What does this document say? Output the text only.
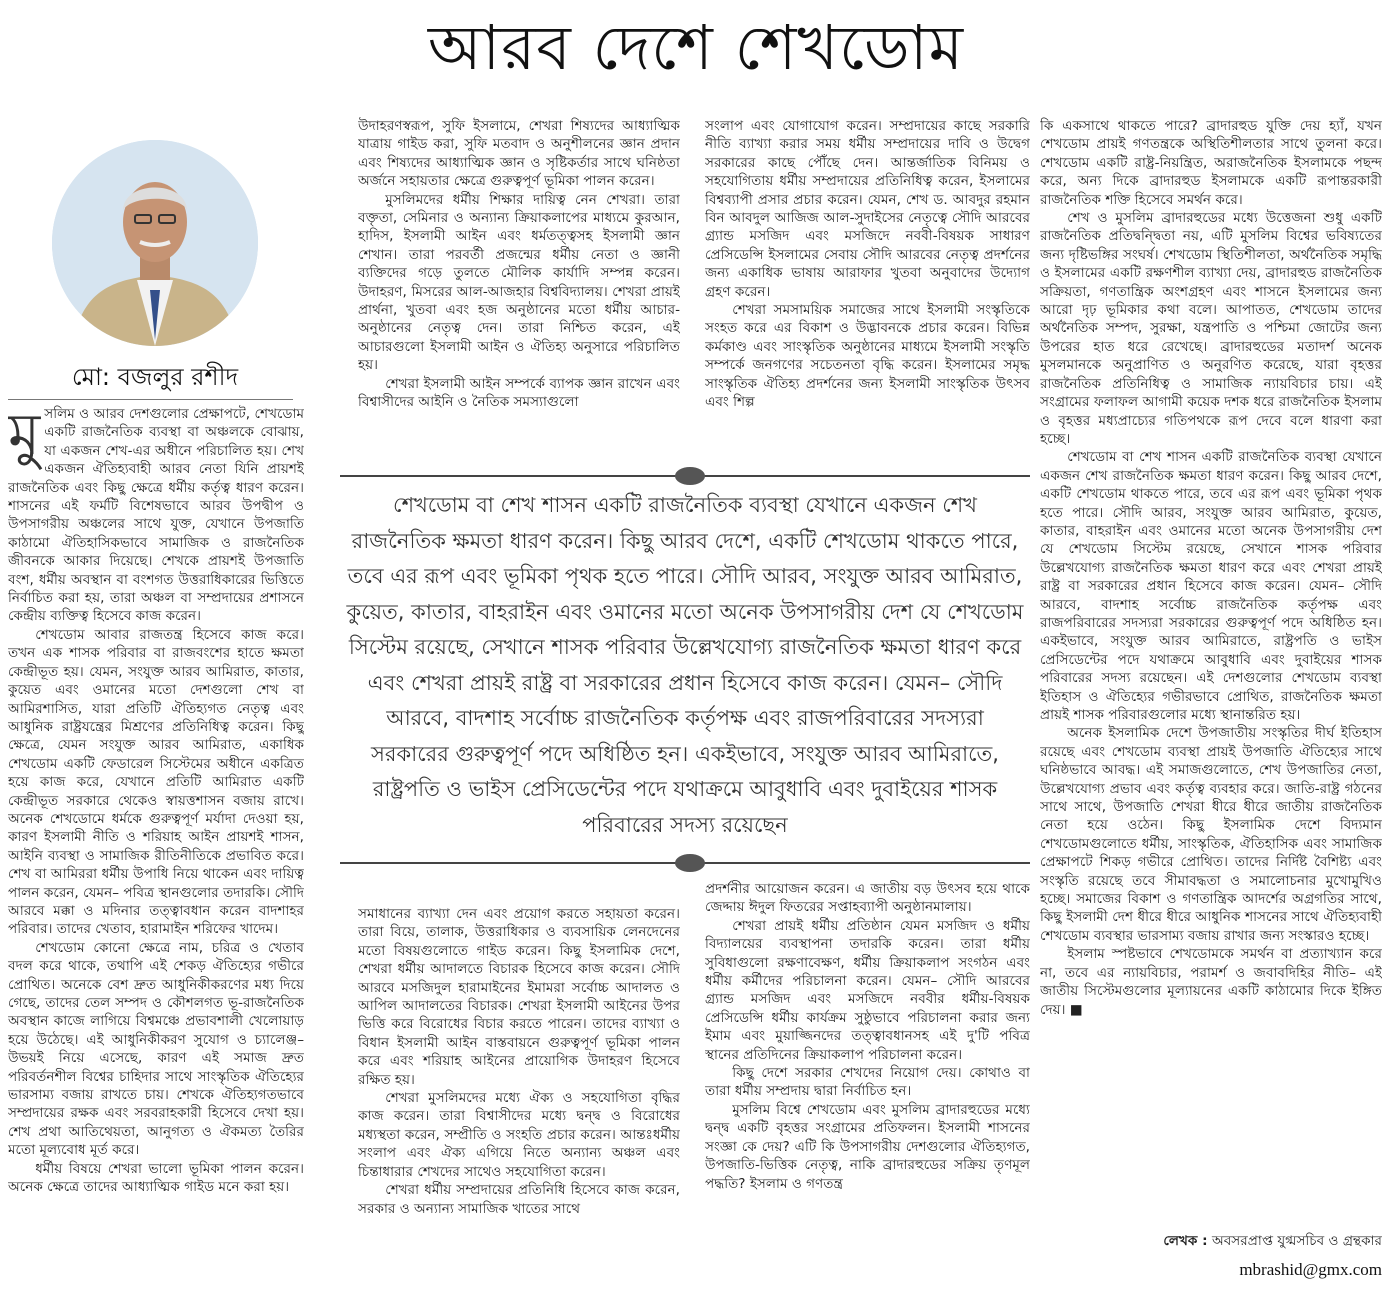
আরব দেশে শেখডোম
মো: বজলুর রশীদ
মু সলিম ও আরব দেশগুলোর প্রেক্ষাপটে, শেখডোম একটি রাজনৈতিক ব্যবস্থা বা অঞ্চলকে বোঝায়, যা একজন শেখ-এর অধীনে পরিচালিত হয়। শেখ একজন ঐতিহ্যবাহী আরব নেতা যিনি প্রায়শই রাজনৈতিক এবং কিছু ক্ষেত্রে ধর্মীয় কর্তৃত্ব ধারণ করেন। শাসনের এই ফর্মটি বিশেষভাবে আরব উপদ্বীপ ও উপসাগরীয় অঞ্চলের সাথে যুক্ত, যেখানে উপজাতি কাঠামো ঐতিহাসিকভাবে সামাজিক ও রাজনৈতিক জীবনকে আকার দিয়েছে। শেখকে প্রায়শই উপজাতি বংশ, ধর্মীয় অবস্থান বা বংশগত উত্তরাধিকারের ভিত্তিতে নির্বাচিত করা হয়, তারা অঞ্চল বা সম্প্রদায়ের প্রশাসনে কেন্দ্রীয় ব্যক্তিত্ব হিসেবে কাজ করেন।

শেখডোম আবার রাজতন্ত্র হিসেবে কাজ করে। তখন এক শাসক পরিবার বা রাজবংশের হাতে ক্ষমতা কেন্দ্রীভূত হয়। যেমন, সংযুক্ত আরব আমিরাত, কাতার, কুয়েত এবং ওমানের মতো দেশগুলো শেখ বা আমিরশাসিত, যারা প্রতিটি ঐতিহ্যগত নেতৃত্ব এবং আধুনিক রাষ্ট্রযন্ত্রের মিশ্রণের প্রতিনিধিত্ব করেন। কিছু ক্ষেত্রে, যেমন সংযুক্ত আরব আমিরাত, একাধিক শেখডোম একটি ফেডারেল সিস্টেমের অধীনে একত্রিত হয়ে কাজ করে, যেখানে প্রতিটি আমিরাত একটি কেন্দ্রীভূত সরকারে থেকেও স্বায়ত্তশাসন বজায় রাখে। অনেক শেখডোমে ধর্মকে গুরুত্বপূর্ণ মর্যাদা দেওয়া হয়, কারণ ইসলামী নীতি ও শরিয়াহ আইন প্রায়শই শাসন, আইনি ব্যবস্থা ও সামাজিক রীতিনীতিকে প্রভাবিত করে। শেখ বা আমিররা ধর্মীয় উপাধি নিয়ে থাকেন এবং দায়িত্ব পালন করেন, যেমন– পবিত্র স্থানগুলোর তদারকি। সৌদি আরবে মক্কা ও মদিনার তত্ত্বাবধান করেন বাদশাহর পরিবার। তাদের খেতাব, হারামাইন শরিফের খাদেম।

শেখডোম কোনো ক্ষেত্রে নাম, চরিত্র ও খেতাব বদল করে থাকে, তথাপি এই শেকড় ঐতিহ্যের গভীরে প্রোথিত। অনেকে বেশ দ্রুত আধুনিকীকরণের মধ্য দিয়ে গেছে, তাদের তেল সম্পদ ও কৌশলগত ভূ-রাজনৈতিক অবস্থান কাজে লাগিয়ে বিশ্বমঞ্চে প্রভাবশালী খেলোয়াড় হয়ে উঠেছে। এই আধুনিকীকরণ সুযোগ ও চ্যালেঞ্জ– উভয়ই নিয়ে এসেছে, কারণ এই সমাজ দ্রুত পরিবর্তনশীল বিশ্বের চাহিদার সাথে সাংস্কৃতিক ঐতিহ্যের ভারসাম্য বজায় রাখতে চায়। শেখকে ঐতিহ্যগতভাবে সম্প্রদায়ের রক্ষক এবং সরবরাহকারী হিসেবে দেখা হয়। শেখ প্রথা আতিথেয়তা, আনুগত্য ও ঐকমত্য তৈরির মতো মূল্যবোধ মূর্ত করে।

ধর্মীয় বিষয়ে শেখরা ভালো ভূমিকা পালন করেন। অনেক ক্ষেত্রে তাদের আধ্যাত্মিক গাইড মনে করা হয়।

উদাহরণস্বরূপ, সুফি ইসলামে, শেখরা শিষ্যদের আধ্যাত্মিক যাত্রায় গাইড করা, সুফি মতবাদ ও অনুশীলনের জ্ঞান প্রদান এবং শিষ্যদের আধ্যাত্মিক জ্ঞান ও সৃষ্টিকর্তার সাথে ঘনিষ্ঠতা অর্জনে সহায়তার ক্ষেত্রে গুরুত্বপূর্ণ ভূমিকা পালন করেন।

মুসলিমদের ধর্মীয় শিক্ষার দায়িত্ব নেন শেখরা। তারা বক্তৃতা, সেমিনার ও অন্যান্য ক্রিয়াকলাপের মাধ্যমে কুরআন, হাদিস, ইসলামী আইন এবং ধর্মতত্ত্বসহ ইসলামী জ্ঞান শেখান। তারা পরবর্তী প্রজন্মের ধর্মীয় নেতা ও জ্ঞানী ব্যক্তিদের গড়ে তুলতে মৌলিক কার্যাদি সম্পন্ন করেন। উদাহরণ, মিসরের আল-আজহার বিশ্ববিদ্যালয়। শেখরা প্রায়ই প্রার্থনা, খুতবা এবং হজ অনুষ্ঠানের মতো ধর্মীয় আচার-অনুষ্ঠানের নেতৃত্ব দেন। তারা নিশ্চিত করেন, এই আচারগুলো ইসলামী আইন ও ঐতিহ্য অনুসারে পরিচালিত হয়।

শেখরা ইসলামী আইন সম্পর্কে ব্যাপক জ্ঞান রাখেন এবং বিশ্বাসীদের আইনি ও নৈতিক সমস্যাগুলো

সংলাপ এবং যোগাযোগ করেন। সম্প্রদায়ের কাছে সরকারি নীতি ব্যাখ্যা করার সময় ধর্মীয় সম্প্রদায়ের দাবি ও উদ্বেগ সরকারের কাছে পৌঁছে দেন। আন্তর্জাতিক বিনিময় ও সহযোগিতায় ধর্মীয় সম্প্রদায়ের প্রতিনিধিত্ব করেন, ইসলামের বিশ্বব্যাপী প্রসার প্রচার করেন। যেমন, শেখ ড. আবদুর রহমান বিন আবদুল আজিজ আল-সুদাইসের নেতৃত্বে সৌদি আরবের গ্র্যান্ড মসজিদ এবং মসজিদে নববী-বিষয়ক সাধারণ প্রেসিডেন্সি ইসলামের সেবায় সৌদি আরবের নেতৃত্ব প্রদর্শনের জন্য একাধিক ভাষায় আরাফার খুতবা অনুবাদের উদ্যোগ গ্রহণ করেন।

শেখরা সমসাময়িক সমাজের সাথে ইসলামী সংস্কৃতিকে সংহত করে এর বিকাশ ও উদ্ভাবনকে প্রচার করেন। বিভিন্ন কর্মকাণ্ড এবং সাংস্কৃতিক অনুষ্ঠানের মাধ্যমে ইসলামী সংস্কৃতি সম্পর্কে জনগণের সচেতনতা বৃদ্ধি করেন। ইসলামের সমৃদ্ধ সাংস্কৃতিক ঐতিহ্য প্রদর্শনের জন্য ইসলামী সাংস্কৃতিক উৎসব এবং শিল্প

শেখডোম বা শেখ শাসন একটি রাজনৈতিক ব্যবস্থা যেখানে একজন শেখ রাজনৈতিক ক্ষমতা ধারণ করেন। কিছু আরব দেশে, একটি শেখডোম থাকতে পারে, তবে এর রূপ এবং ভূমিকা পৃথক হতে পারে। সৌদি আরব, সংযুক্ত আরব আমিরাত, কুয়েত, কাতার, বাহরাইন এবং ওমানের মতো অনেক উপসাগরীয় দেশ যে শেখডোম সিস্টেম রয়েছে, সেখানে শাসক পরিবার উল্লেখযোগ্য রাজনৈতিক ক্ষমতা ধারণ করে এবং শেখরা প্রায়ই রাষ্ট্র বা সরকারের প্রধান হিসেবে কাজ করেন। যেমন– সৌদি আরবে, বাদশাহ সর্বোচ্চ রাজনৈতিক কর্তৃপক্ষ এবং রাজপরিবারের সদস্যরা সরকারের গুরুত্বপূর্ণ পদে অধিষ্ঠিত হন। একইভাবে, সংযুক্ত আরব আমিরাতে, রাষ্ট্রপতি ও ভাইস প্রেসিডেন্টের পদে যথাক্রমে আবুধাবি এবং দুবাইয়ের শাসক পরিবারের সদস্য রয়েছেন

সমাধানের ব্যাখ্যা দেন এবং প্রয়োগ করতে সহায়তা করেন। তারা বিয়ে, তালাক, উত্তরাধিকার ও ব্যবসায়িক লেনদেনের মতো বিষয়গুলোতে গাইড করেন। কিছু ইসলামিক দেশে, শেখরা ধর্মীয় আদালতে বিচারক হিসেবে কাজ করেন। সৌদি আরবে মসজিদুল হারামাইনের ইমামরা সর্বোচ্চ আদালত ও আপিল আদালতের বিচারক। শেখরা ইসলামী আইনের উপর ভিত্তি করে বিরোধের বিচার করতে পারেন। তাদের ব্যাখ্যা ও বিধান ইসলামী আইন বাস্তবায়নে গুরুত্বপূর্ণ ভূমিকা পালন করে এবং শরিয়াহ আইনের প্রায়োগিক উদাহরণ হিসেবে রক্ষিত হয়।

শেখরা মুসলিমদের মধ্যে ঐক্য ও সহযোগিতা বৃদ্ধির কাজ করেন। তারা বিশ্বাসীদের মধ্যে দ্বন্দ্ব ও বিরোধের মধ্যস্থতা করেন, সম্প্রীতি ও সংহতি প্রচার করেন। আন্তঃধর্মীয় সংলাপ এবং ঐক্য এগিয়ে নিতে অন্যান্য অঞ্চল এবং চিন্তাধারার শেখদের সাথেও সহযোগিতা করেন।

শেখরা ধর্মীয় সম্প্রদায়ের প্রতিনিধি হিসেবে কাজ করেন, সরকার ও অন্যান্য সামাজিক খাতের সাথে

প্রদর্শনীর আয়োজন করেন। এ জাতীয় বড় উৎসব হয়ে থাকে জেদ্দায় ঈদুল ফিতরের সপ্তাহব্যাপী অনুষ্ঠানমালায়।

শেখরা প্রায়ই ধর্মীয় প্রতিষ্ঠান যেমন মসজিদ ও ধর্মীয় বিদ্যালয়ের ব্যবস্থাপনা তদারকি করেন। তারা ধর্মীয় সুবিধাগুলো রক্ষণাবেক্ষণ, ধর্মীয় ক্রিয়াকলাপ সংগঠন এবং ধর্মীয় কর্মীদের পরিচালনা করেন। যেমন– সৌদি আরবের গ্র্যান্ড মসজিদ এবং মসজিদে নববীর ধর্মীয়-বিষয়ক প্রেসিডেন্সি ধর্মীয় কার্যক্রম সুষ্ঠুভাবে পরিচালনা করার জন্য ইমাম এবং মুয়াজ্জিনদের তত্ত্বাবধানসহ এই দু'টি পবিত্র স্থানের প্রতিদিনের ক্রিয়াকলাপ পরিচালনা করেন।

কিছু দেশে সরকার শেখদের নিয়োগ দেয়। কোথাও বা তারা ধর্মীয় সম্প্রদায় দ্বারা নির্বাচিত হন।

মুসলিম বিশ্বে শেখডোম এবং মুসলিম ব্রাদারহুডের মধ্যে দ্বন্দ্ব একটি বৃহত্তর সংগ্রামের প্রতিফলন। ইসলামী শাসনের সংজ্ঞা কে দেয়? এটি কি উপসাগরীয় দেশগুলোর ঐতিহ্যগত, উপজাতি-ভিত্তিক নেতৃত্ব, নাকি ব্রাদারহুডের সক্রিয় তৃণমূল পদ্ধতি? ইসলাম ও গণতন্ত্র

কি একসাথে থাকতে পারে? ব্রাদারহুড যুক্তি দেয় হ্যাঁ, যখন শেখডোম প্রায়ই গণতন্ত্রকে অস্থিতিশীলতার সাথে তুলনা করে। শেখডোম একটি রাষ্ট্র-নিয়ন্ত্রিত, অরাজনৈতিক ইসলামকে পছন্দ করে, অন্য দিকে ব্রাদারহুড ইসলামকে একটি রূপান্তরকারী রাজনৈতিক শক্তি হিসেবে সমর্থন করে।

শেখ ও মুসলিম ব্রাদারহুডের মধ্যে উত্তেজনা শুধু একটি রাজনৈতিক প্রতিদ্বন্দ্বিতা নয়, এটি মুসলিম বিশ্বের ভবিষ্যতের জন্য দৃষ্টিভঙ্গির সংঘর্ষ। শেখডোম স্থিতিশীলতা, অর্থনৈতিক সমৃদ্ধি ও ইসলামের একটি রক্ষণশীল ব্যাখ্যা দেয়, ব্রাদারহুড রাজনৈতিক সক্রিয়তা, গণতান্ত্রিক অংশগ্রহণ এবং শাসনে ইসলামের জন্য আরো দৃঢ় ভূমিকার কথা বলে। আপাতত, শেখডোম তাদের অর্থনৈতিক সম্পদ, সুরক্ষা, যন্ত্রপাতি ও পশ্চিমা জোটের জন্য উপরের হাত ধরে রেখেছে। ব্রাদারহুডের মতাদর্শ অনেক মুসলমানকে অনুপ্রাণিত ও অনুরণিত করেছে, যারা বৃহত্তর রাজনৈতিক প্রতিনিধিত্ব ও সামাজিক ন্যায়বিচার চায়। এই সংগ্রামের ফলাফল আগামী কয়েক দশক ধরে রাজনৈতিক ইসলাম ও বৃহত্তর মধ্যপ্রাচ্যের গতিপথকে রূপ দেবে বলে ধারণা করা হচ্ছে।

শেখডোম বা শেখ শাসন একটি রাজনৈতিক ব্যবস্থা যেখানে একজন শেখ রাজনৈতিক ক্ষমতা ধারণ করেন। কিছু আরব দেশে, একটি শেখডোম থাকতে পারে, তবে এর রূপ এবং ভূমিকা পৃথক হতে পারে। সৌদি আরব, সংযুক্ত আরব আমিরাত, কুয়েত, কাতার, বাহরাইন এবং ওমানের মতো অনেক উপসাগরীয় দেশ যে শেখডোম সিস্টেম রয়েছে, সেখানে শাসক পরিবার উল্লেখযোগ্য রাজনৈতিক ক্ষমতা ধারণ করে এবং শেখরা প্রায়ই রাষ্ট্র বা সরকারের প্রধান হিসেবে কাজ করেন। যেমন– সৌদি আরবে, বাদশাহ সর্বোচ্চ রাজনৈতিক কর্তৃপক্ষ এবং রাজপরিবারের সদস্যরা সরকারের গুরুত্বপূর্ণ পদে অধিষ্ঠিত হন। একইভাবে, সংযুক্ত আরব আমিরাতে, রাষ্ট্রপতি ও ভাইস প্রেসিডেন্টের পদে যথাক্রমে আবুধাবি এবং দুবাইয়ের শাসক পরিবারের সদস্য রয়েছেন। এই দেশগুলোর শেখডোম ব্যবস্থা ইতিহাস ও ঐতিহ্যের গভীরভাবে প্রোথিত, রাজনৈতিক ক্ষমতা প্রায়ই শাসক পরিবারগুলোর মধ্যে স্থানান্তরিত হয়।

অনেক ইসলামিক দেশে উপজাতীয় সংস্কৃতির দীর্ঘ ইতিহাস রয়েছে এবং শেখডোম ব্যবস্থা প্রায়ই উপজাতি ঐতিহ্যের সাথে ঘনিষ্ঠভাবে আবদ্ধ। এই সমাজগুলোতে, শেখ উপজাতির নেতা, উল্লেখযোগ্য প্রভাব এবং কর্তৃত্ব ব্যবহার করে। জাতি-রাষ্ট্র গঠনের সাথে সাথে, উপজাতি শেখরা ধীরে ধীরে জাতীয় রাজনৈতিক নেতা হয়ে ওঠেন। কিছু ইসলামিক দেশে বিদ্যমান শেখডোমগুলোতে ধর্মীয়, সাংস্কৃতিক, ঐতিহাসিক এবং সামাজিক প্রেক্ষাপটে শিকড় গভীরে প্রোথিত। তাদের নির্দিষ্ট বৈশিষ্ট্য এবং সংস্কৃতি রয়েছে তবে সীমাবদ্ধতা ও সমালোচনার মুখোমুখিও হচ্ছে। সমাজের বিকাশ ও গণতান্ত্রিক আদর্শের অগ্রগতির সাথে, কিছু ইসলামী দেশ ধীরে ধীরে আধুনিক শাসনের সাথে ঐতিহ্যবাহী শেখডোম ব্যবস্থার ভারসাম্য বজায় রাখার জন্য সংস্কারও হচ্ছে।

ইসলাম স্পষ্টভাবে শেখডোমকে সমর্থন বা প্রত্যাখ্যান করে না, তবে এর ন্যায়বিচার, পরামর্শ ও জবাবদিহির নীতি– এই জাতীয় সিস্টেমগুলোর মূল্যায়নের একটি কাঠামোর দিকে ইঙ্গিত দেয়। ■

লেখক : অবসরপ্রাপ্ত যুগ্মসচিব ও গ্রন্থকার
mbrashid@gmx.com
